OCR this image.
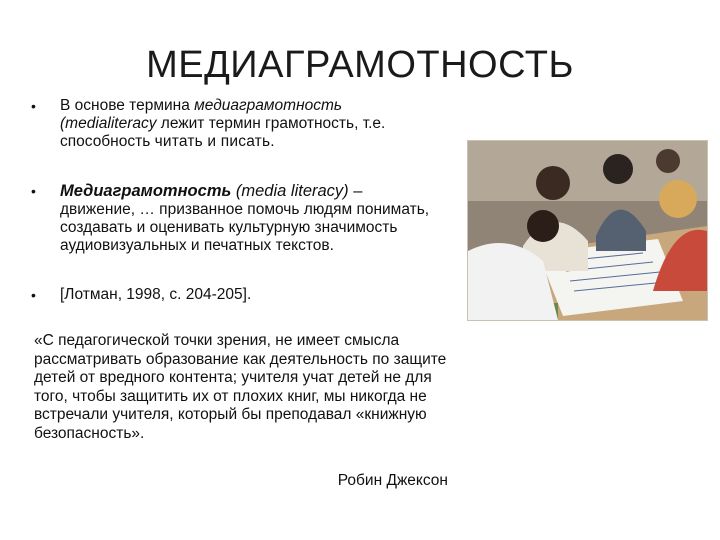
МЕДИАГРАМОТНОСТЬ
• В основе термина медиаграмотность
(medialiteracy лежит термин грамотность, т.е.
способность читать и писать.
• Медиаграмотность (media literacy) –
движение, … призванное помочь людям понимать, создавать и оценивать культурную значимость аудиовизуальных и печатных текстов.
• [Лотман, 1998, с. 204-205].
«С педагогической точки зрения, не имеет смысла рассматривать образование как деятельность по защите детей от вредного контента; учителя учат детей не для того, чтобы защитить их от плохих книг, мы никогда не встречали учителя, который бы преподавал «книжную безопасность».
Робин Джексон
